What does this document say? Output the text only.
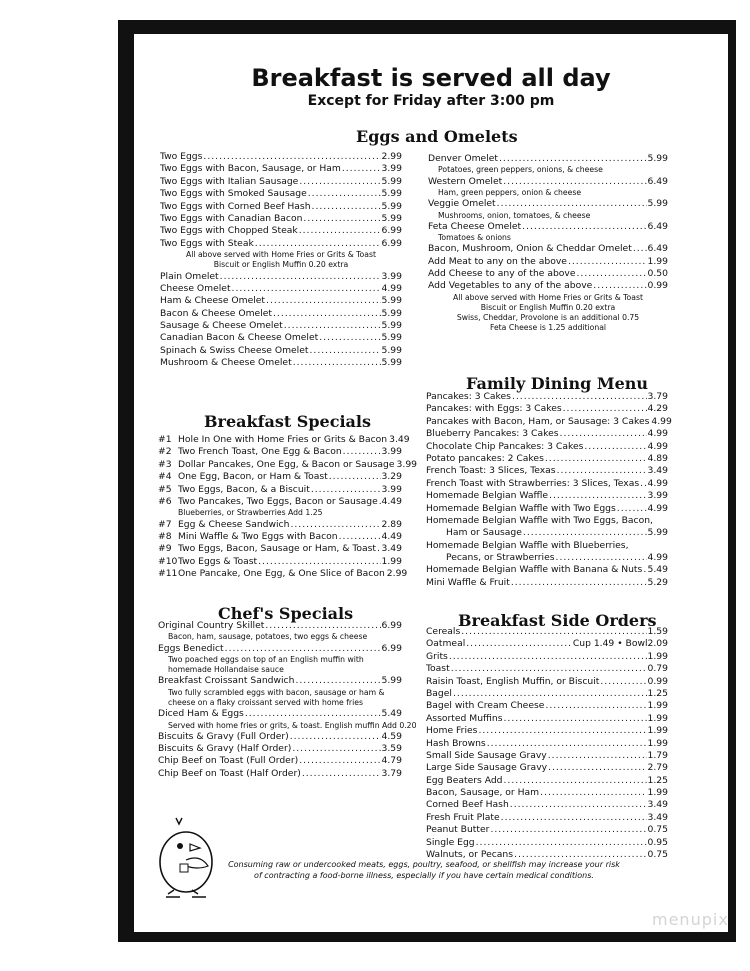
Breakfast is served all day
Except for Friday after 3:00 pm
Eggs and Omelets
Two Eggs .....	2.99
Two Eggs with Bacon, Sausage, or Ham .....	3.99
Two Eggs with Italian Sausage .....	5.99
Two Eggs with Smoked Sausage .....	5.99
Two Eggs with Corned Beef Hash .....	5.99
Two Eggs with Canadian Bacon .....	5.99
Two Eggs with Chopped Steak .....	6.99
Two Eggs with Steak .....	6.99
All above served with Home Fries or Grits & Toast
Biscuit or English Muffin 0.20 extra
Plain Omelet .....	3.99
Cheese Omelet .....	4.99
Ham & Cheese Omelet .....	5.99
Bacon & Cheese Omelet .....	5.99
Sausage & Cheese Omelet .....	5.99
Canadian Bacon & Cheese Omelet .....	5.99
Spinach & Swiss Cheese Omelet .....	5.99
Mushroom & Cheese Omelet .....	5.99
Denver Omelet .....	5.99
Potatoes, green peppers, onions, & cheese
Western Omelet .....	6.49
Ham, green peppers, onion & cheese
Veggie Omelet .....	5.99
Mushrooms, onion, tomatoes, & cheese
Feta Cheese Omelet .....	6.49
Tomatoes & onions
Bacon, Mushroom, Onion & Cheddar Omelet ..... 6.49
Add Meat to any on the above .....	1.99
Add Cheese to any of the above .....	0.50
Add Vegetables to any of the above .....	0.99
All above served with Home Fries or Grits & Toast
Biscuit or English Muffin 0.20 extra
Swiss, Cheddar, Provolone is an additional 0.75
Feta Cheese is 1.25 additional
Breakfast Specials
#1 Hole In One with Home Fries or Grits & Bacon 3.49
#2 Two French Toast, One Egg & Bacon .....	3.99
#3 Dollar Pancakes, One Egg, & Bacon or Sausage 3.99
#4 One Egg, Bacon, or Ham & Toast .....	3.29
#5 Two Eggs, Bacon, & a Biscuit .....	3.99
#6 Two Pancakes, Two Eggs, Bacon or Sausage ..... 4.49
Blueberries, or Strawberries Add 1.25
#7 Egg & Cheese Sandwich .....	2.89
#8 Mini Waffle & Two Eggs with Bacon .....	4.49
#9 Two Eggs, Bacon, Sausage or Ham, & Toast ..... 3.49
#10Two Eggs & Toast .....	1.99
#11One Pancake, One Egg, & One Slice of Bacon 2.99
Family Dining Menu
Pancakes: 3 Cakes .....	3.79
Pancakes: with Eggs: 3 Cakes .....	4.29
Pancakes with Bacon, Ham, or Sausage: 3 Cakes 4.99
Blueberry Pancakes: 3 Cakes .....	4.99
Chocolate Chip Pancakes: 3 Cakes .....	4.99
Potato pancakes: 2 Cakes .....	4.89
French Toast: 3 Slices, Texas .....	3.49
French Toast with Strawberries: 3 Slices, Texas ..... 4.99
Homemade Belgian Waffle .....	3.99
Homemade Belgian Waffle with Two Eggs .....	4.99
Homemade Belgian Waffle with Two Eggs, Bacon,
Ham or Sausage .....	5.99
Homemade Belgian Waffle with Blueberries,
Pecans, or Strawberries .....	4.99
Homemade Belgian Waffle with Banana & Nuts ..... 5.49
Mini Waffle & Fruit .....	5.29
Chef's Specials
Original Country Skillet .....	6.99
Bacon, ham, sausage, potatoes, two eggs & cheese
Eggs Benedict .....	6.99
Two poached eggs on top of an English muffin with
homemade Hollandaise sauce
Breakfast Croissant Sandwich .....	5.99
Two fully scrambled eggs with bacon, sausage or ham &
cheese on a flaky croissant served with home fries
Diced Ham & Eggs .....	5.49
Served with home fries or grits, & toast. English muffin Add 0.20
Biscuits & Gravy (Full Order) .....	4.59
Biscuits & Gravy (Half Order) .....	3.59
Chip Beef on Toast (Full Order) .....	4.79
Chip Beef on Toast (Half Order) .....	3.79
Breakfast Side Orders
Cereals .....	1.59
Oatmeal .....	Cup 1.49 • Bowl 2.09
Grits .....	1.99
Toast .....	0.79
Raisin Toast, English Muffin, or Biscuit .....	0.99
Bagel .....	1.25
Bagel with Cream Cheese .....	1.99
Assorted Muffins .....	1.99
Home Fries .....	1.99
Hash Browns .....	1.99
Small Side Sausage Gravy .....	1.79
Large Side Sausage Gravy .....	2.79
Egg Beaters Add .....	1.25
Bacon, Sausage, or Ham .....	1.99
Corned Beef Hash .....	3.49
Fresh Fruit Plate .....	3.49
Peanut Butter .....	0.75
Single Egg .....	0.95
Walnuts, or Pecans .....	0.75
Consuming raw or undercooked meats, eggs, poultry, seafood, or shellfish may increase your risk
of contracting a food-borne illness, especially if you have certain medical conditions.
menupix
